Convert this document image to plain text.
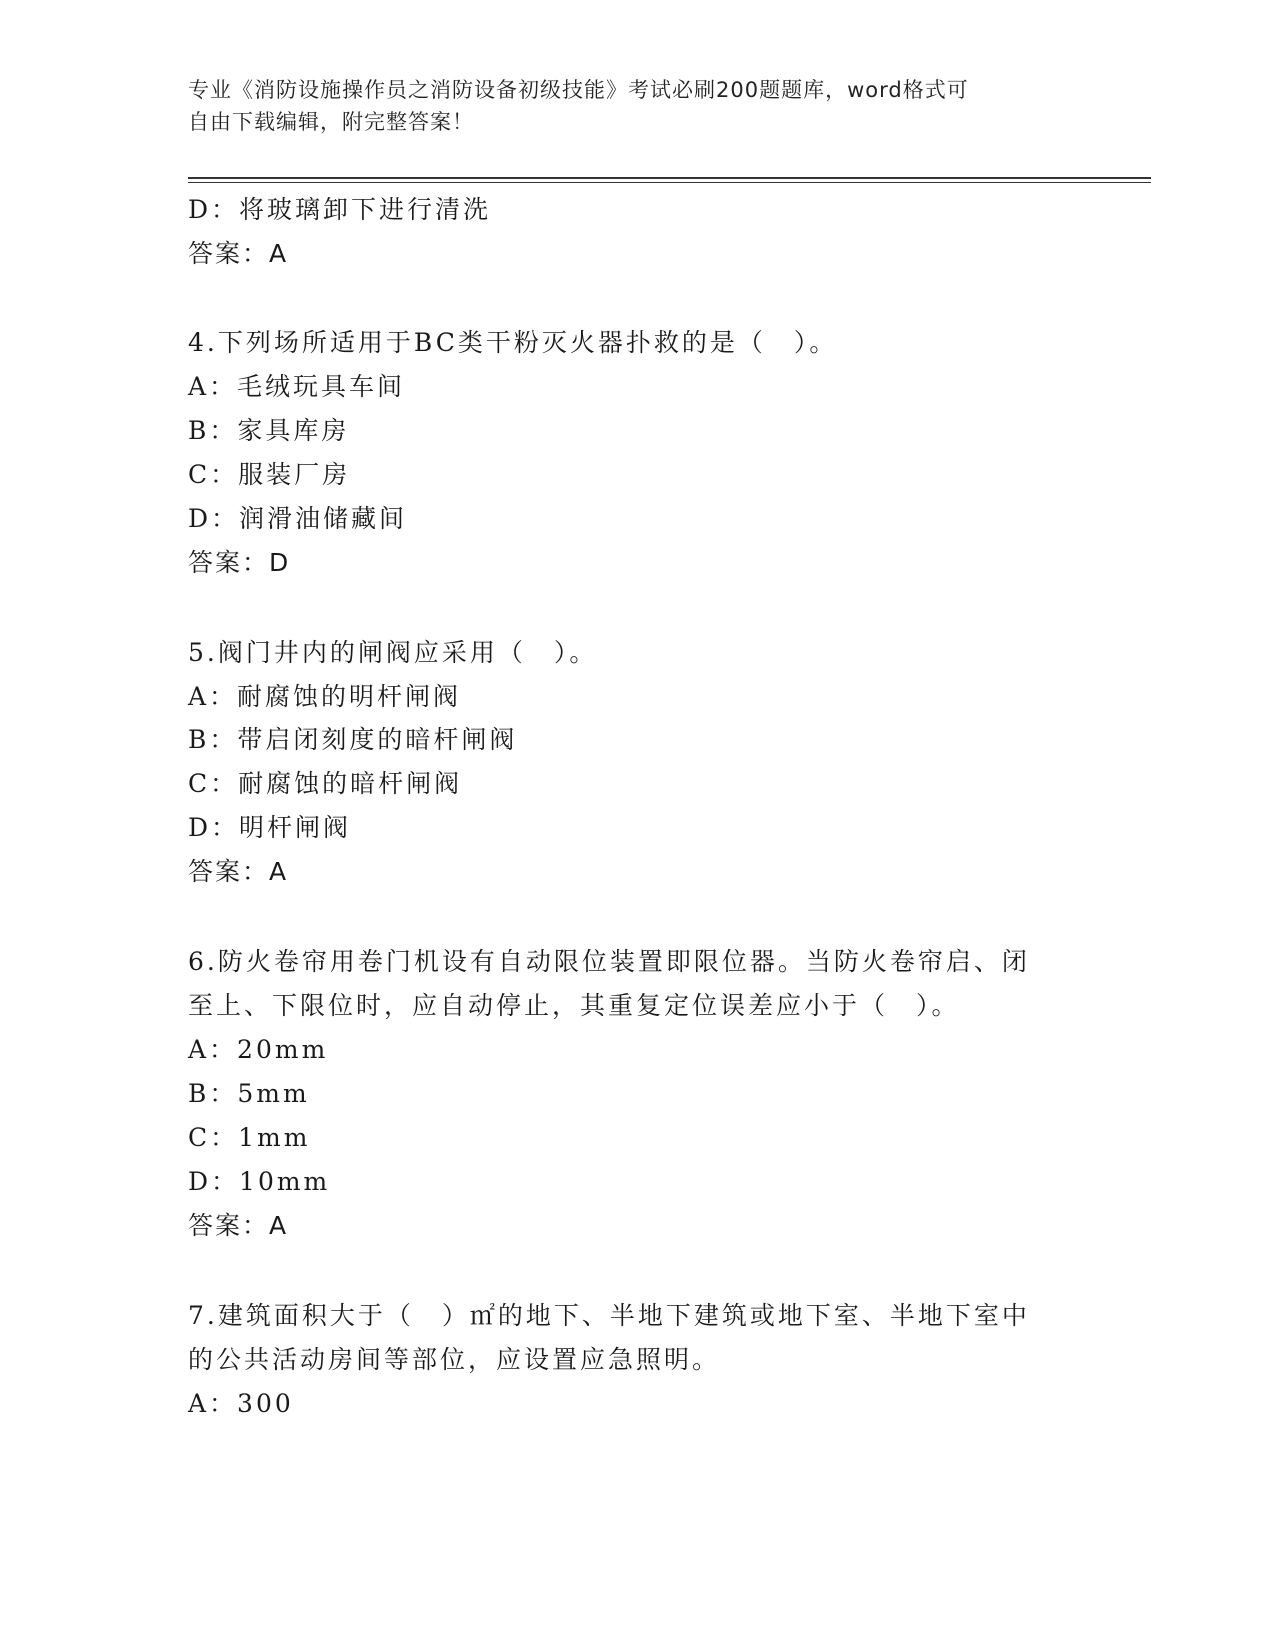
专业《消防设施操作员之消防设备初级技能》考试必刷200题题库，word格式可
自由下载编辑，附完整答案！
D：将玻璃卸下进行清洗
答案：A
4.下列场所适用于BC类干粉灭火器扑救的是（　）。
A：毛绒玩具车间
B：家具库房
C：服装厂房
D：润滑油储藏间
答案：D
5.阀门井内的闸阀应采用（　）。
A：耐腐蚀的明杆闸阀
B：带启闭刻度的暗杆闸阀
C：耐腐蚀的暗杆闸阀
D：明杆闸阀
答案：A
6.防火卷帘用卷门机设有自动限位装置即限位器。当防火卷帘启、闭
至上、下限位时，应自动停止，其重复定位误差应小于（　）。
A：20mm
B：5mm
C：1mm
D：10mm
答案：A
7.建筑面积大于（　）㎡的地下、半地下建筑或地下室、半地下室中
的公共活动房间等部位，应设置应急照明。
A：300
